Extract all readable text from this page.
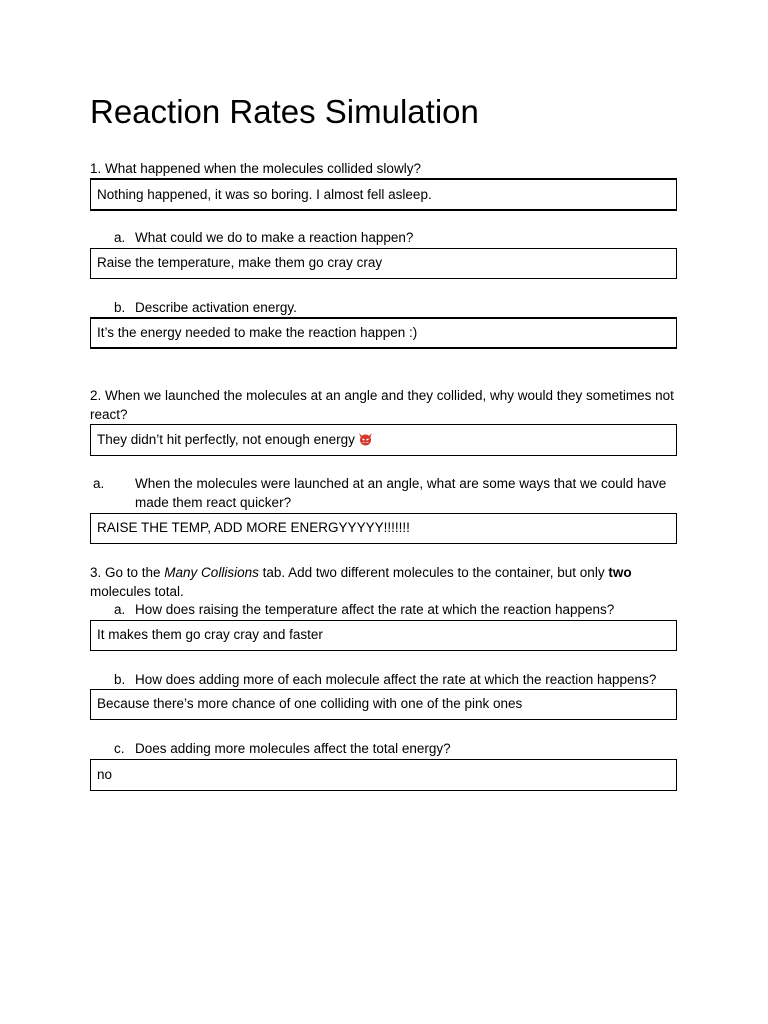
Reaction Rates Simulation
1. What happened when the molecules collided slowly?
Nothing happened, it was so boring. I almost fell asleep.
a. What could we do to make a reaction happen?
Raise the temperature, make them go cray cray
b. Describe activation energy.
It’s the energy needed to make the reaction happen :)
2. When we launched the molecules at an angle and they collided, why would they sometimes not react?
They didn’t hit perfectly, not enough energy
a. When the molecules were launched at an angle, what are some ways that we could have made them react quicker?
RAISE THE TEMP, ADD MORE ENERGYYYYY!!!!!!!
3. Go to the Many Collisions tab. Add two different molecules to the container, but only two molecules total.
a. How does raising the temperature affect the rate at which the reaction happens?
It makes them go cray cray and faster
b. How does adding more of each molecule affect the rate at which the reaction happens?
Because there’s more chance of one colliding with one of the pink ones
c. Does adding more molecules affect the total energy?
no
